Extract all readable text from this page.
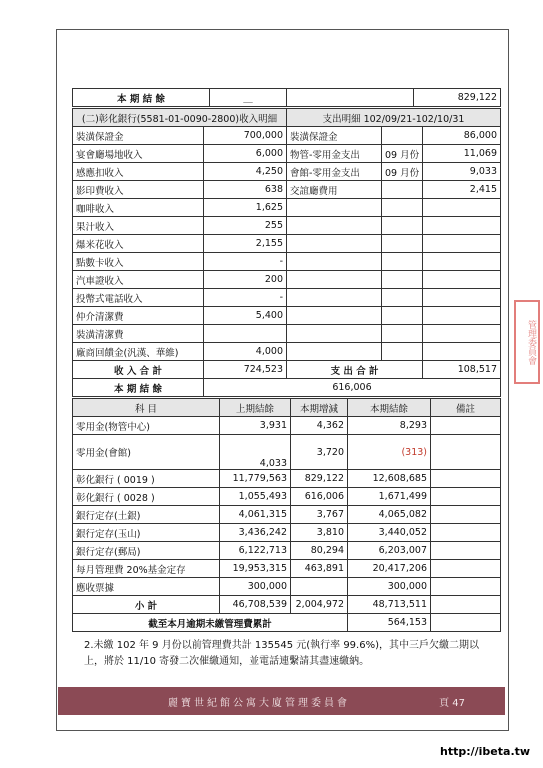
本 期 結 餘	＿		829,122
(二)彰化銀行(5581-01-0090-2800)收入明細		支出明細 102/09/21-102/10/31		
裝潢保證金	700,000	裝潢保證金		86,000
宴會廳場地收入	6,000	物管-零用金支出	09 月份	11,069
感應扣收入	4,250	會館-零用金支出	09 月份	9,033
影印費收入	638	交誼廳費用		2,415
咖啡收入	1,625			
果汁收入	255			
爆米花收入	2,155			
點數卡收入	-			
汽車證收入	200			
投幣式電話收入	-			
仲介清潔費	5,400			
裝潢清潔費				
廠商回饋金(汎漢、華維)	4,000			
收 入 合 計	724,523	支 出 合 計		108,517
本 期 結 餘	616,006			
科 目	上期結餘	本期增減	本期結餘	備註
零用金(物管中心)	3,931	4,362	8,293	
零用金(會館)	4,033	3,720	(313)	
彰化銀行 ( 0019 )	11,779,563	829,122	12,608,685	
彰化銀行 ( 0028 )	1,055,493	616,006	1,671,499	
銀行定存(土銀)	4,061,315	3,767	4,065,082	
銀行定存(玉山)	3,436,242	3,810	3,440,052	
銀行定存(郵局)	6,122,713	80,294	6,203,007	
每月管理費 20%基金定存	19,953,315	463,891	20,417,206	
應收票據	300,000		300,000	
小 計	46,708,539	2,004,972	48,713,511	
截至本月逾期未繳管理費累計			564,153	
2.未繳 102 年 9 月份以前管理費共計 135545 元(執行率 99.6%)，其中三戶欠繳二期以上，將於 11/10 寄發二次催繳通知，並電話連繫請其盡速繳納。
麗寶世紀館公寓大廈管理委員會	頁 47
管理委員會
http://ibeta.tw
